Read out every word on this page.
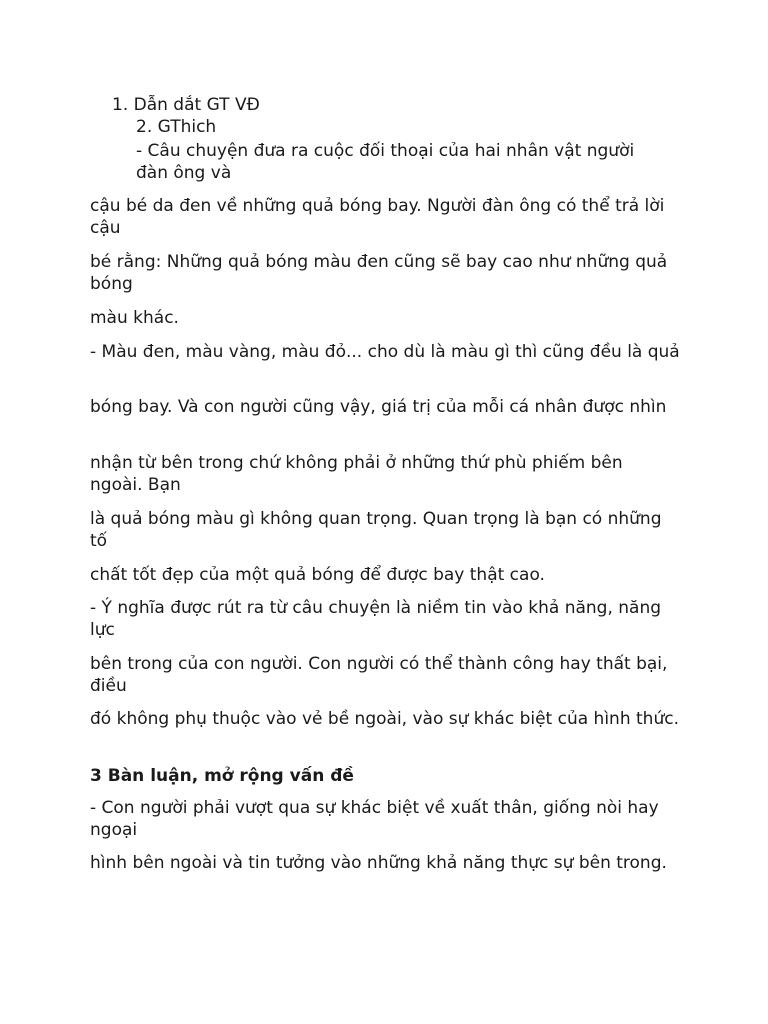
1. Dẫn dắt GT VĐ
2. GThich
- Câu chuyện đưa ra cuộc đối thoại của hai nhân vật người
đàn ông và
cậu bé da đen về những quả bóng bay. Người đàn ông có thể trả lời cậu
bé rằng: Những quả bóng màu đen cũng sẽ bay cao như những quả bóng
màu khác.
- Màu đen, màu vàng, màu đỏ... cho dù là màu gì thì cũng đều là quả
bóng bay. Và con người cũng vậy, giá trị của mỗi cá nhân được nhìn
nhận từ bên trong chứ không phải ở những thứ phù phiếm bên ngoài. Bạn
là quả bóng màu gì không quan trọng. Quan trọng là bạn có những tố
chất tốt đẹp của một quả bóng để được bay thật cao.
- Ý nghĩa được rút ra từ câu chuyện là niềm tin vào khả năng, năng lực
bên trong của con người. Con người có thể thành công hay thất bại, điều
đó không phụ thuộc vào vẻ bề ngoài, vào sự khác biệt của hình thức.
3 Bàn luận, mở rộng vấn đề
- Con người phải vượt qua sự khác biệt về xuất thân, giống nòi hay ngoại
hình bên ngoài và tin tưởng vào những khả năng thực sự bên trong.
